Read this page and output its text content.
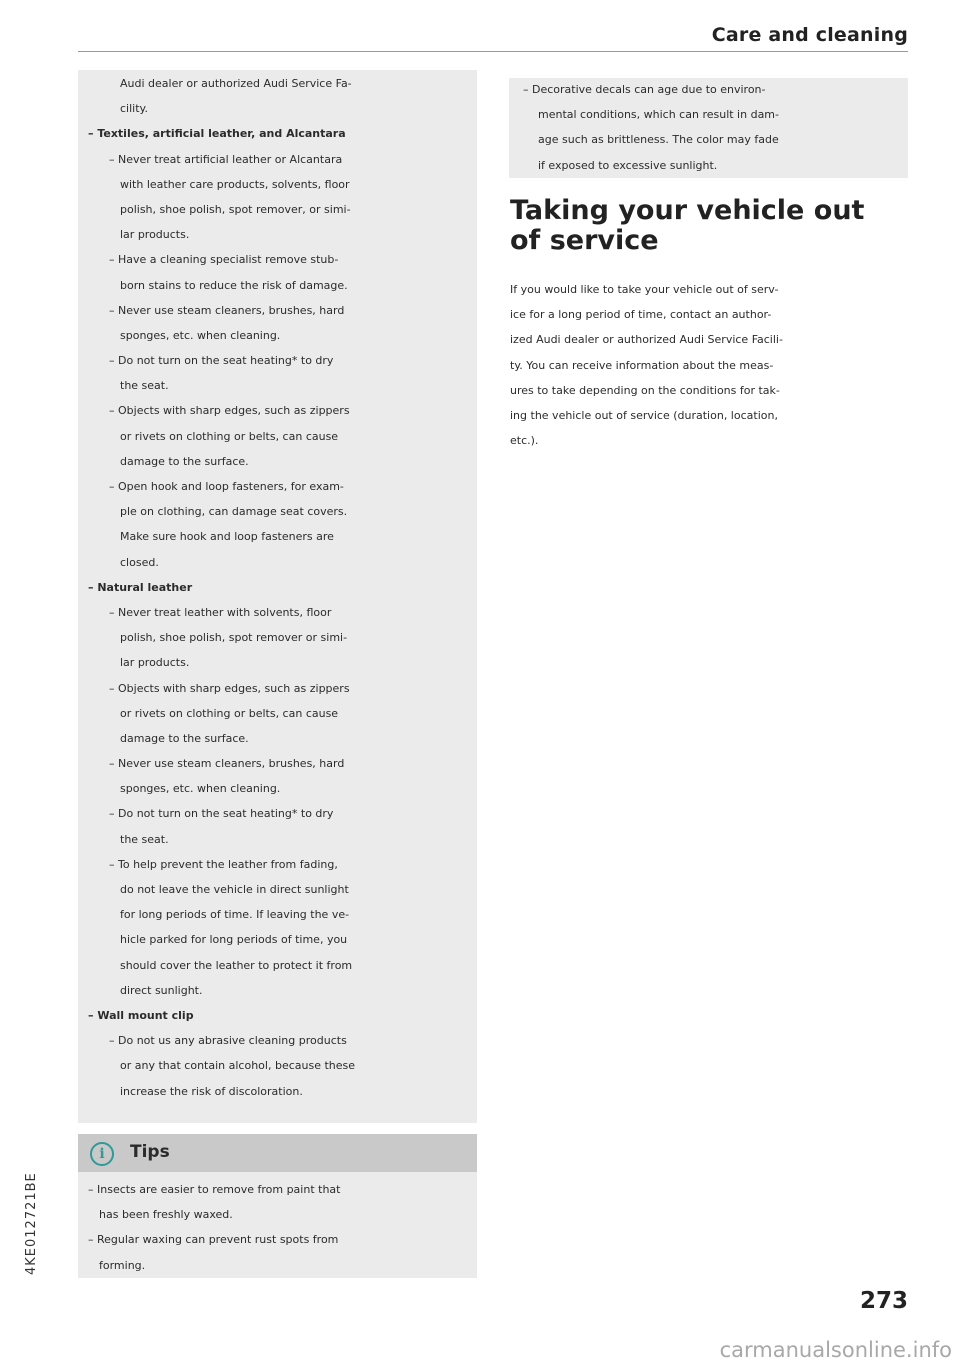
Care and cleaning
Audi dealer or authorized Audi Service Fa-
cility.
– Textiles, artificial leather, and Alcantara
– Never treat artificial leather or Alcantara
with leather care products, solvents, floor
polish, shoe polish, spot remover, or simi-
lar products.
– Have a cleaning specialist remove stub-
born stains to reduce the risk of damage.
– Never use steam cleaners, brushes, hard
sponges, etc. when cleaning.
– Do not turn on the seat heating* to dry
the seat.
– Objects with sharp edges, such as zippers
or rivets on clothing or belts, can cause
damage to the surface.
– Open hook and loop fasteners, for exam-
ple on clothing, can damage seat covers.
Make sure hook and loop fasteners are
closed.
– Natural leather
– Never treat leather with solvents, floor
polish, shoe polish, spot remover or simi-
lar products.
– Objects with sharp edges, such as zippers
or rivets on clothing or belts, can cause
damage to the surface.
– Never use steam cleaners, brushes, hard
sponges, etc. when cleaning.
– Do not turn on the seat heating* to dry
the seat.
– To help prevent the leather from fading,
do not leave the vehicle in direct sunlight
for long periods of time. If leaving the ve-
hicle parked for long periods of time, you
should cover the leather to protect it from
direct sunlight.
– Wall mount clip
– Do not us any abrasive cleaning products
or any that contain alcohol, because these
increase the risk of discoloration.
i	Tips
– Insects are easier to remove from paint that
has been freshly waxed.
– Regular waxing can prevent rust spots from
forming.
– Decorative decals can age due to environ-
mental conditions, which can result in dam-
age such as brittleness. The color may fade
if exposed to excessive sunlight.
Taking your vehicle out
of service
If you would like to take your vehicle out of serv-
ice for a long period of time, contact an author-
ized Audi dealer or authorized Audi Service Facili-
ty. You can receive information about the meas-
ures to take depending on the conditions for tak-
ing the vehicle out of service (duration, location,
etc.).
4KE012721BE
273
carmanualsonline.info
